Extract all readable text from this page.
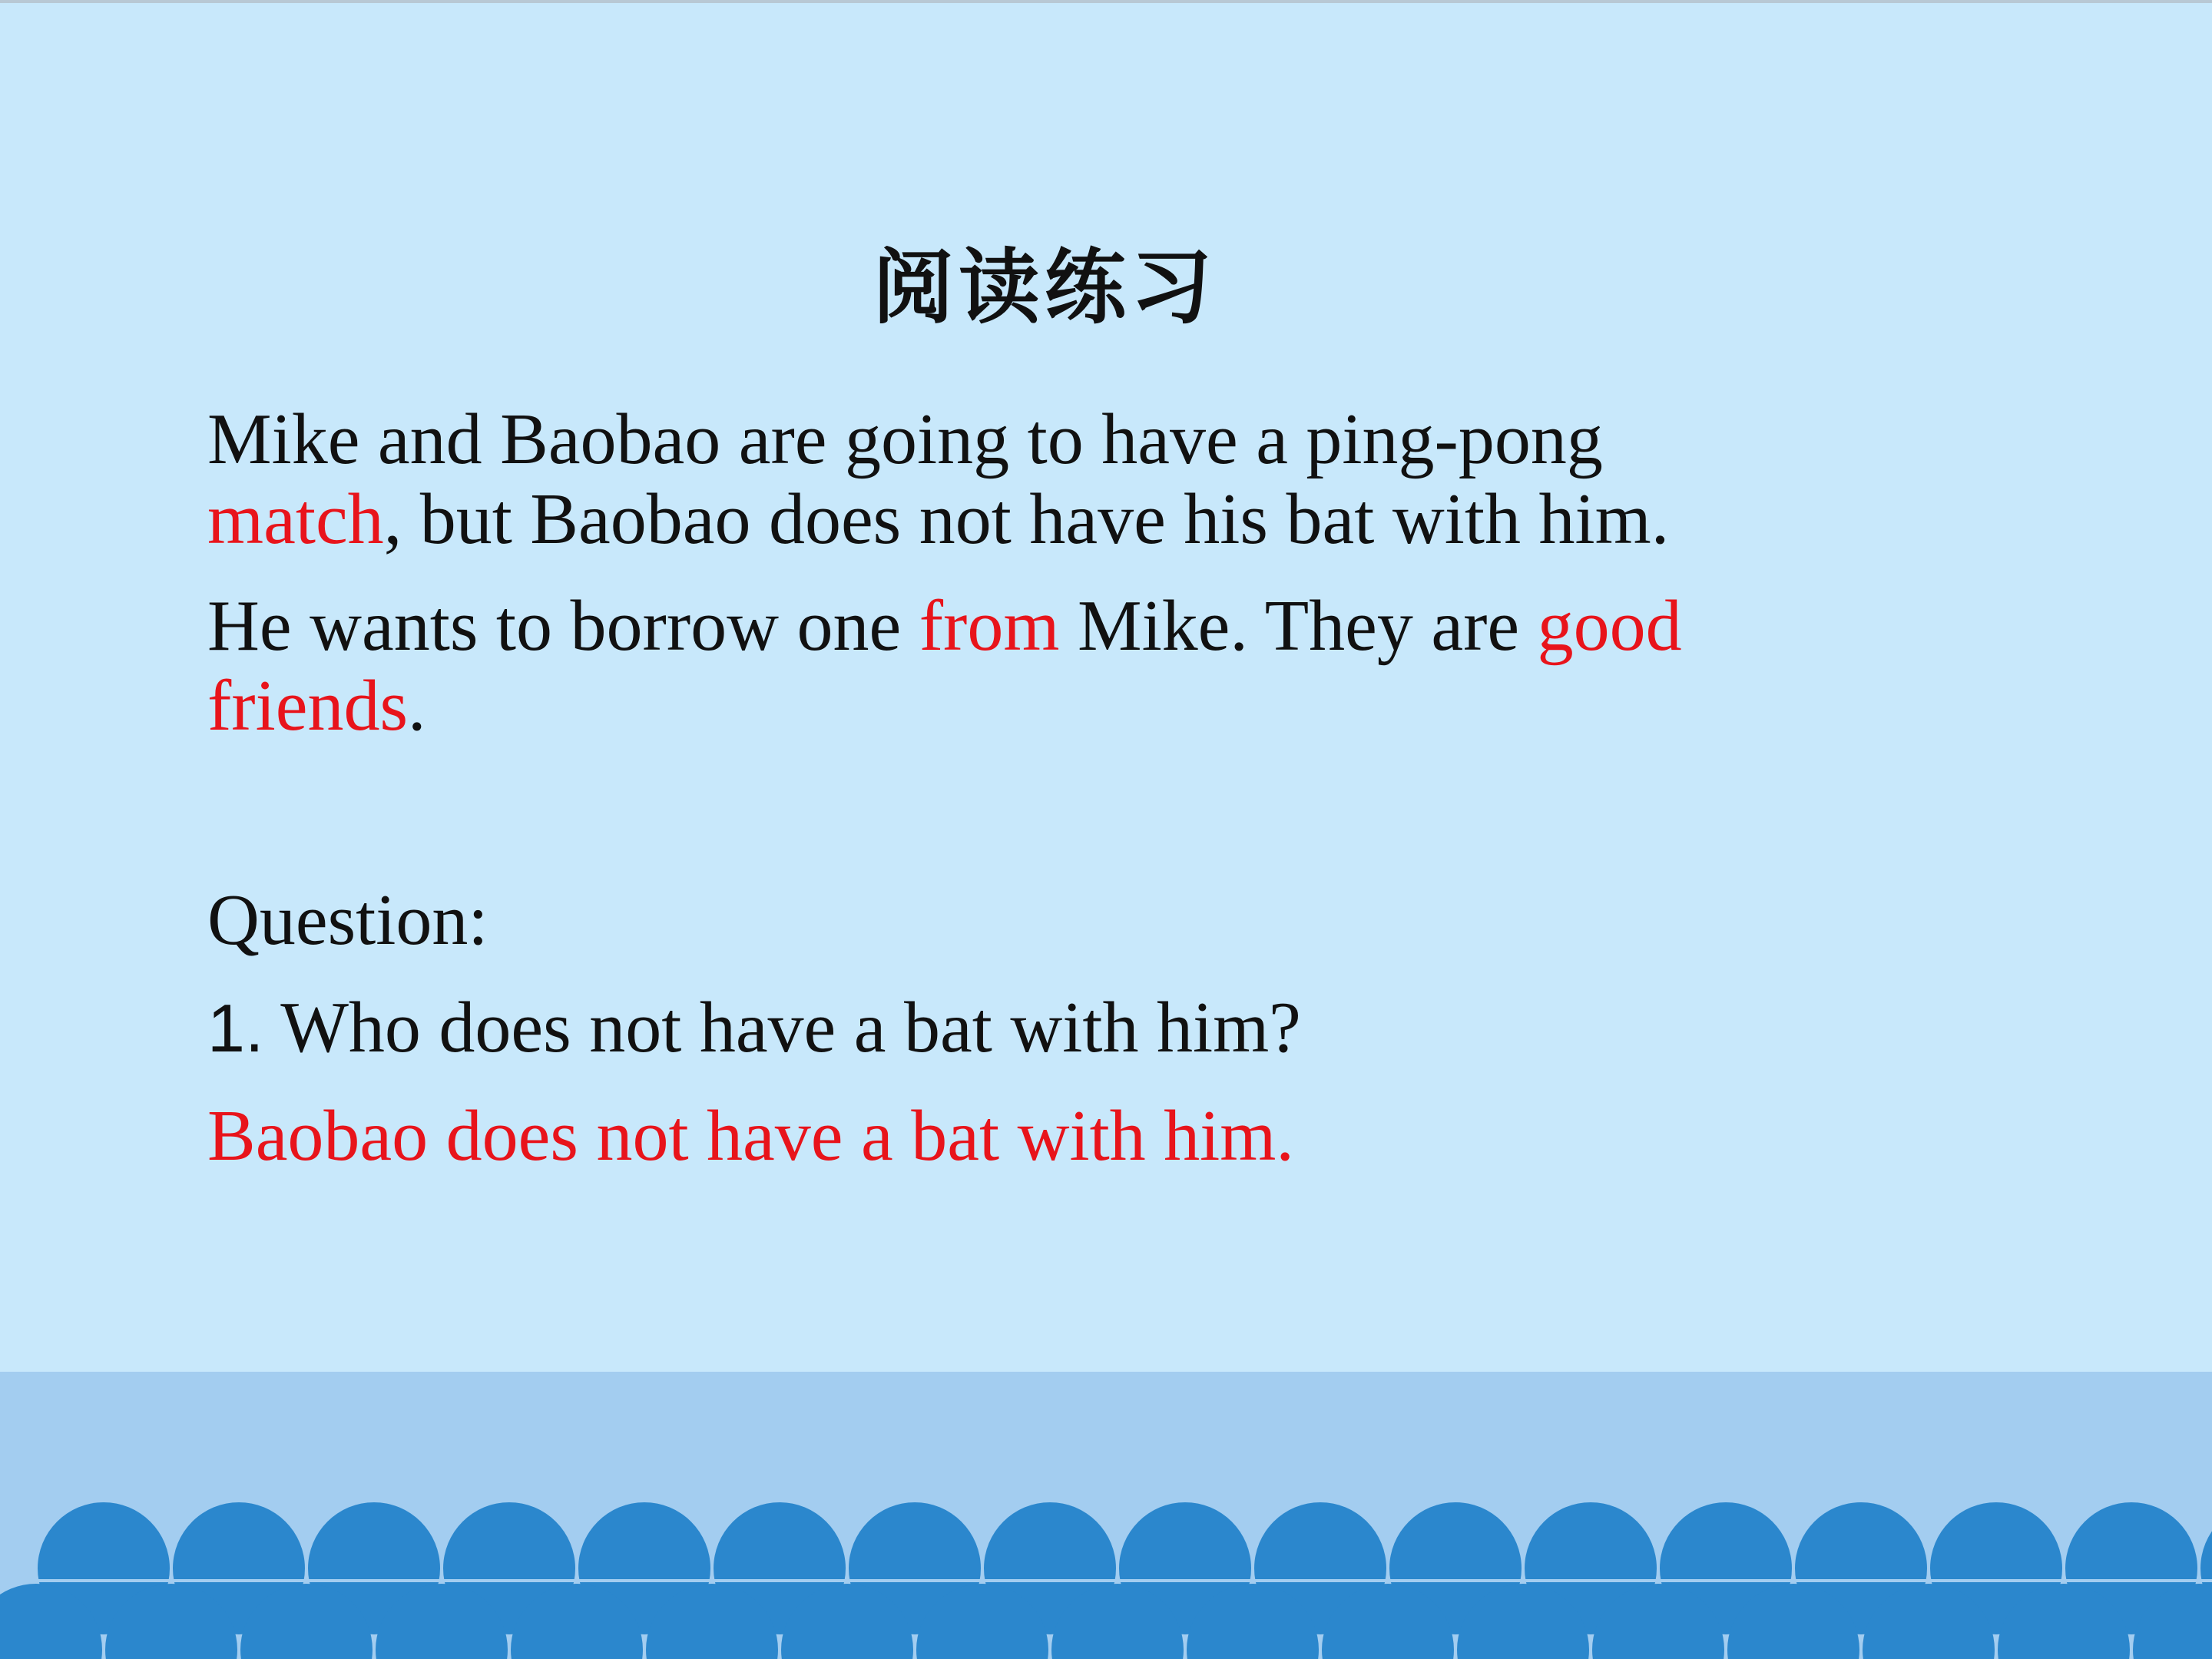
阅读练习
Mike and Baobao are going to have a ping-pong
match, but Baobao does not have his bat with him.
He wants to borrow one from Mike. They are good
friends.
Question:
1. Who does not have a bat with him?
Baobao does not have a bat with him.
